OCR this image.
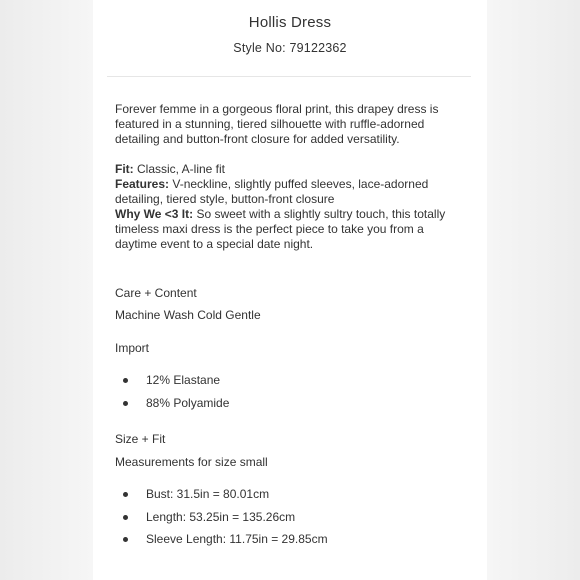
Hollis Dress
Style No: 79122362

Forever femme in a gorgeous floral print, this drapey dress is featured in a stunning, tiered silhouette with ruffle-adorned detailing and button-front closure for added versatility.

Fit: Classic, A-line fit

Features: V-neckline, slightly puffed sleeves, lace-adorned detailing, tiered style, button-front closure

Why We <3 It: So sweet with a slightly sultry touch, this totally timeless maxi dress is the perfect piece to take you from a daytime event to a special date night.

Care + Content
Machine Wash Cold Gentle
Import
12% Elastane
88% Polyamide
Size + Fit
Measurements for size small
Bust: 31.5in = 80.01cm
Length: 53.25in = 135.26cm
Sleeve Length: 11.75in = 29.85cm
